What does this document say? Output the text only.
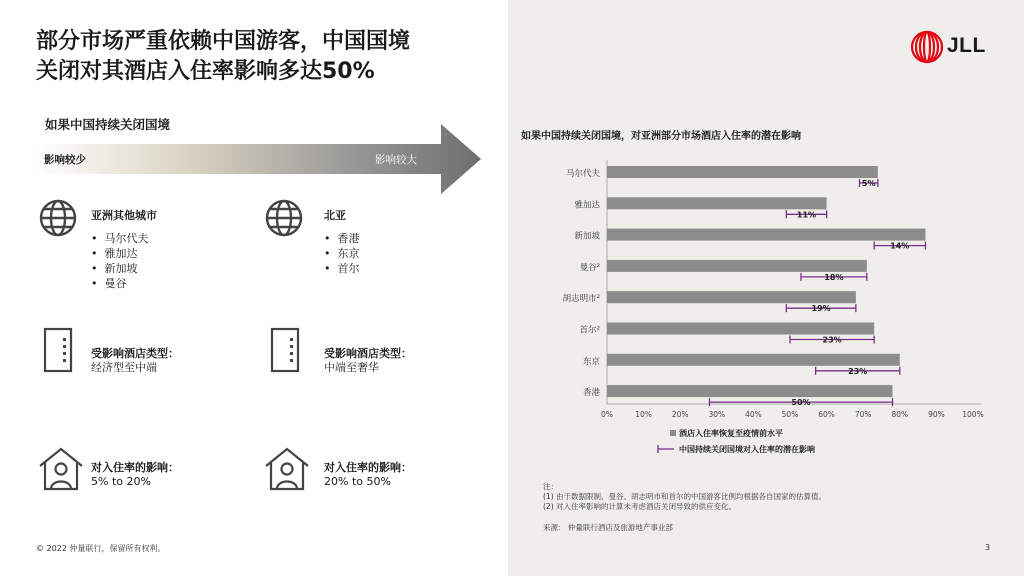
部分市场严重依赖中国游客，中国国境
关闭对其酒店入住率影响多达50%
如果中国持续关闭国境
影响较少	影响较大
亚洲其他城市
• 马尔代夫
• 雅加达
• 新加坡
• 曼谷
受影响酒店类型：
经济型至中端
对入住率的影响：
5% to 20%
北亚
• 香港
• 东京
• 首尔
受影响酒店类型：
中端至奢华
对入住率的影响：
20% to 50%
© 2022 仲量联行，保留所有权利。	3
JLL
如果中国持续关闭国境，对亚洲部分市场酒店入住率的潜在影响
马尔代夫
5%
雅加达
11%
新加坡
14%
曼谷²
18%
胡志明市²
19%
首尔²
23%
东京
23%
香港
50%
0%	10%	20%	30%	40%	50%	60%	70%	80%	90% 100%
酒店入住率恢复至疫情前水平
中国持续关闭国境对入住率的潜在影响
注：
(1) 由于数据限制，曼谷、胡志明市和首尔的中国游客比例均根据各自国家的估算值。
(2) 对入住率影响的计算未考虑酒店关闭导致的供应变化。
来源： 仲量联行酒店及旅游地产事业部
